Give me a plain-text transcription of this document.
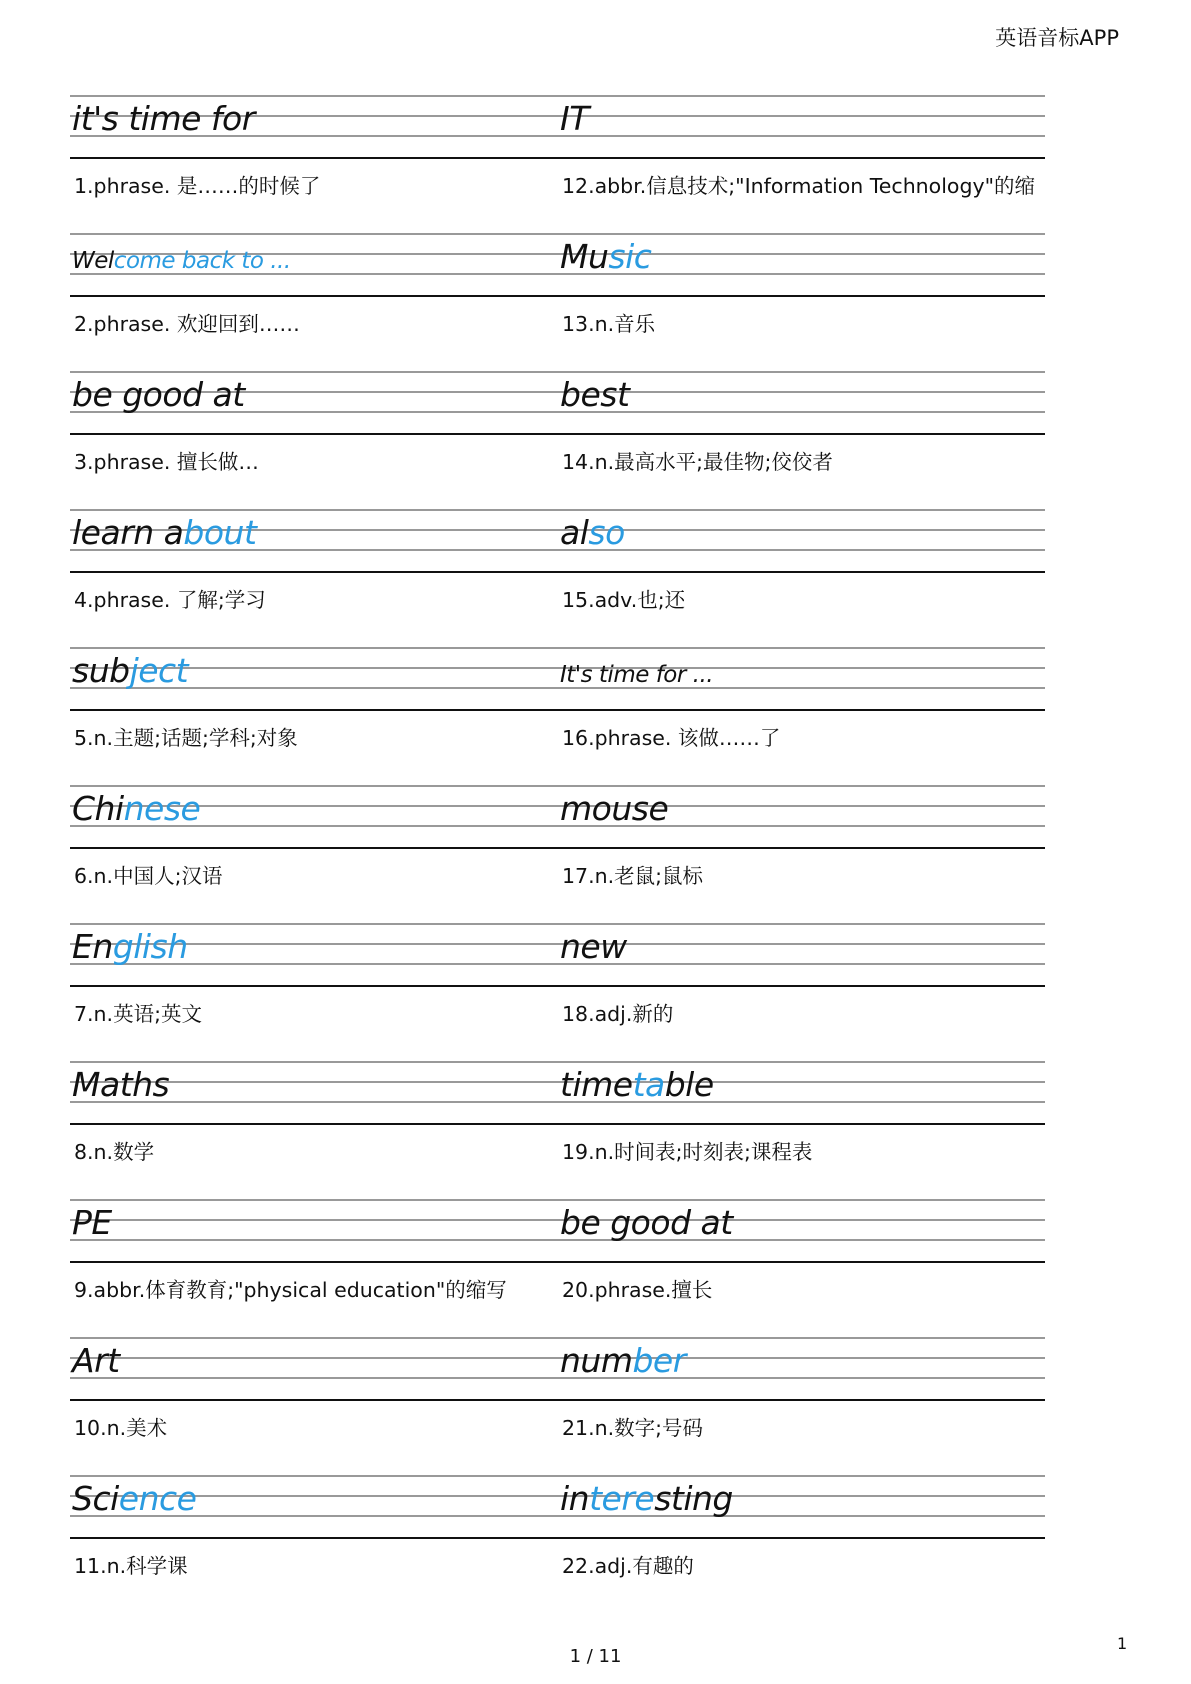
英语音标APP
it's time for
1.phrase. 是……的时候了
IT
12.abbr.信息技术;"Information Technology"的缩
Welcome back to ...
2.phrase. 欢迎回到……
Music
13.n.音乐
be good at
3.phrase. 擅长做…
best
14.n.最高水平;最佳物;佼佼者
learn about
4.phrase. 了解;学习
also
15.adv.也;还
subject
5.n.主题;话题;学科;对象
It's time for ...
16.phrase. 该做……了
Chinese
6.n.中国人;汉语
mouse
17.n.老鼠;鼠标
English
7.n.英语;英文
new
18.adj.新的
Maths
8.n.数学
timetable
19.n.时间表;时刻表;课程表
PE
9.abbr.体育教育;"physical education"的缩写
be good at
20.phrase.擅长
Art
10.n.美术
number
21.n.数字;号码
Science
11.n.科学课
interesting
22.adj.有趣的
1 / 11
1
